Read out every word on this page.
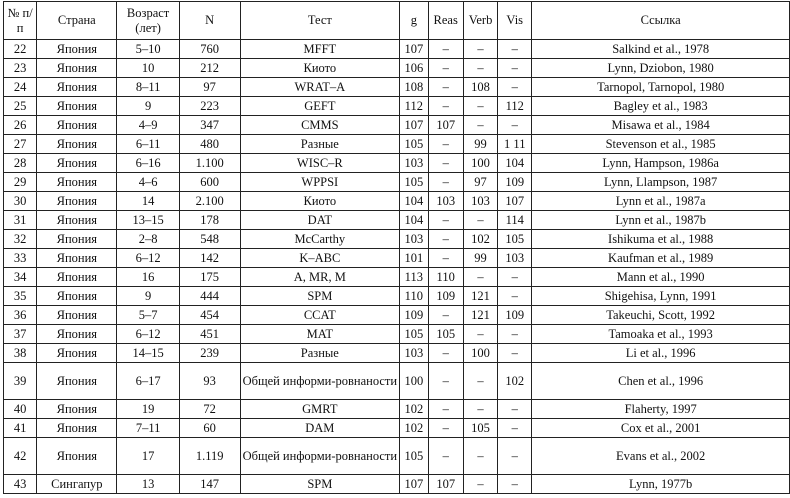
№ п/п	Страна	Возраст (лет)	N	Тест	g	Reas	Verb	Vis	Ссылка
22	Япония	5–10	760	MFFT	107	–	–	–	Salkind et al., 1978
23	Япония	10	212	Киото	106	–	–	–	Lynn, Dziobon, 1980
24	Япония	8–11	97	WRAT–A	108	–	108	–	Tarnopol, Tarnopol, 1980
25	Япония	9	223	GEFT	112	–	–	112	Bagley et al., 1983
26	Япония	4–9	347	CMMS	107	107	–	–	Misawa et al., 1984
27	Япония	6–11	480	Разные	105	–	99	1 11	Stevenson et al., 1985
28	Япония	6–16	1.100	WISC–R	103	–	100	104	Lynn, Hampson, 1986a
29	Япония	4–6	600	WPPSI	105	–	97	109	Lynn, Llampson, 1987
30	Япония	14	2.100	Киото	104	103	103	107	Lynn et al., 1987a
31	Япония	13–15	178	DAT	104	–	–	114	Lynn et al., 1987b
32	Япония	2–8	548	McCarthy	103	–	102	105	Ishikuma et al., 1988
33	Япония	6–12	142	K–ABC	101	–	99	103	Kaufman et al., 1989
34	Япония	16	175	A, MR, M	113	110	–	–	Mann et al., 1990
35	Япония	9	444	SPM	110	109	121	–	Shigehisa, Lynn, 1991
36	Япония	5–7	454	CCAT	109	–	121	109	Takeuchi, Scott, 1992
37	Япония	6–12	451	MAT	105	105	–	–	Tamoaka et al., 1993
38	Япония	14–15	239	Разные	103	–	100	–	Li et al., 1996
39	Япония	6–17	93	Общей информи-ровнаности	100	–	–	102	Chen et al., 1996
40	Япония	19	72	GMRT	102	–	–	–	Flaherty, 1997
41	Япония	7–11	60	DAM	102	–	105	–	Cox et al., 2001
42	Япония	17	1.119	Общей информи-ровнаности	105	–	–	–	Evans et al., 2002
43	Сингапур	13	147	SPM	107	107	–	–	Lynn, 1977b
